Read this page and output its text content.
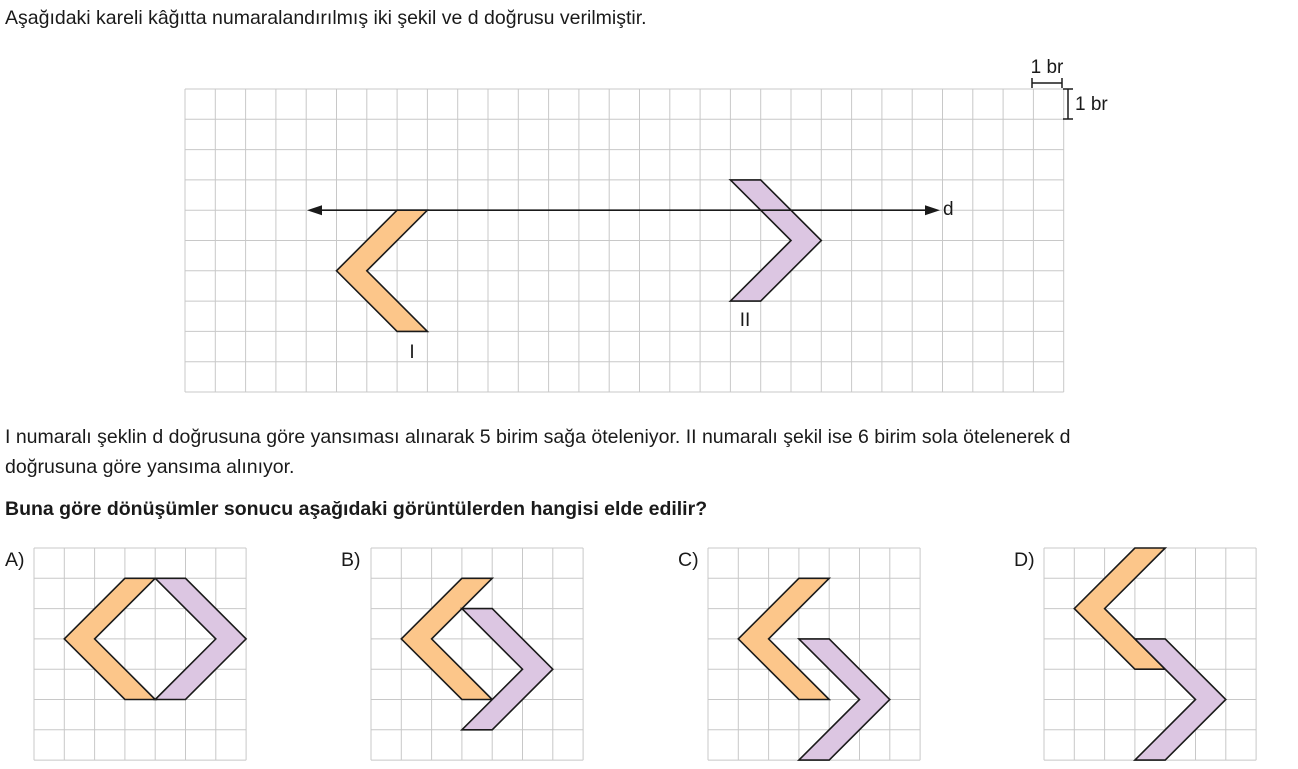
Aşağıdaki kareli kâğıtta numaralandırılmış iki şekil ve d doğrusu verilmiştir.
1 br
1 br
d
I
II
I numaralı şeklin d doğrusuna göre yansıması alınarak 5 birim sağa öteleniyor. II numaralı şekil ise 6 birim sola ötelenerek d
doğrusuna göre yansıma alınıyor.
Buna göre dönüşümler sonucu aşağıdaki görüntülerden hangisi elde edilir?
A)	B)	C)	D)
